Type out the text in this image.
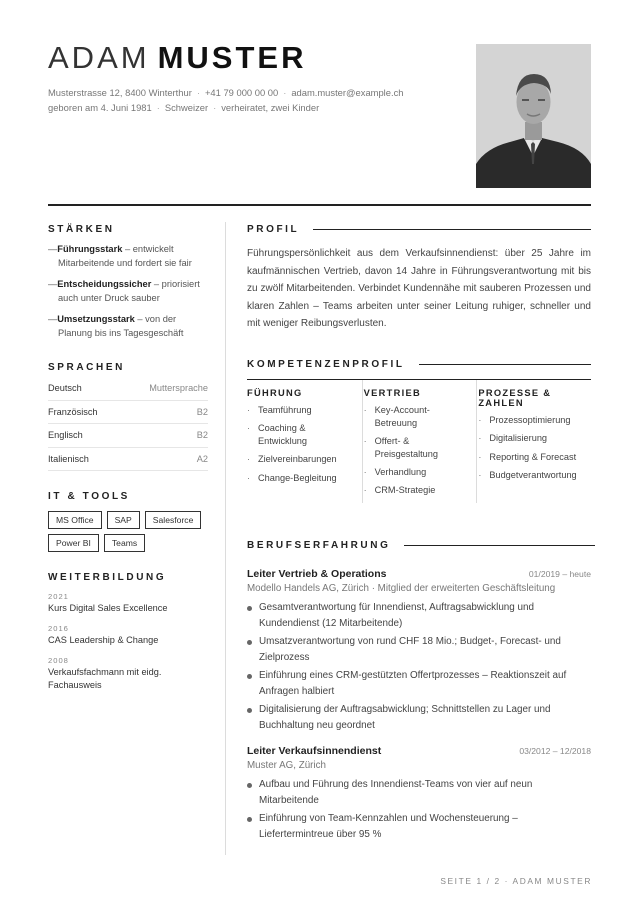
ADAM MUSTER
Musterstrasse 12, 8400 Winterthur · +41 79 000 00 00 · adam.muster@example.ch
geboren am 4. Juni 1981 · Schweizer · verheiratet, zwei Kinder
STÄRKEN
—Führungsstark – entwickelt Mitarbeitende und fordert sie fair
—Entscheidungssicher – priorisiert auch unter Druck sauber
—Umsetzungsstark – von der Planung bis ins Tagesgeschäft
SPRACHEN
Deutsch	Muttersprache
Französisch	B2
Englisch	B2
Italienisch	A2
IT & TOOLS
MS Office	SAP	Salesforce
Power BI	Teams
WEITERBILDUNG
2021
Kurs Digital Sales Excellence
2016
CAS Leadership & Change
2008
Verkaufsfachmann mit eidg. Fachausweis
PROFIL

Führungspersönlichkeit aus dem Verkaufsinnendienst: über 25 Jahre im kaufmännischen Vertrieb, davon 14 Jahre in Führungsverantwortung mit bis zu zwölf Mitarbeitenden. Verbindet Kundennähe mit sauberen Prozessen und klaren Zahlen – Teams arbeiten unter seiner Leitung ruhiger, schneller und mit weniger Reibungsverlusten.

KOMPETENZENPROFIL
FÜHRUNG
· Teamführung
· Coaching & Entwicklung
· Zielvereinbarungen
· Change-Begleitung
VERTRIEB
· Key-Account-Betreuung
· Offert- & Preisgestaltung
· Verhandlung
· CRM-Strategie
PROZESSE & ZAHLEN
· Prozessoptimierung
· Digitalisierung
· Reporting & Forecast
· Budgetverantwortung
BERUFSERFAHRUNG
Leiter Vertrieb & Operations	01/2019 – heute
Modello Handels AG, Zürich · Mitglied der erweiterten Geschäftsleitung
Gesamtverantwortung für Innendienst, Auftragsabwicklung und Kundendienst (12 Mitarbeitende)
Umsatzverantwortung von rund CHF 18 Mio.; Budget-, Forecast- und Zielprozess
Einführung eines CRM-gestützten Offertprozesses – Reaktionszeit auf Anfragen halbiert
Digitalisierung der Auftragsabwicklung; Schnittstellen zu Lager und Buchhaltung neu geordnet
Leiter Verkaufsinnendienst	03/2012 – 12/2018
Muster AG, Zürich
Aufbau und Führung des Innendienst-Teams von vier auf neun Mitarbeitende
Einführung von Team-Kennzahlen und Wochensteuerung – Liefertermintreue über 95 %
SEITE 1 / 2 · ADAM MUSTER
